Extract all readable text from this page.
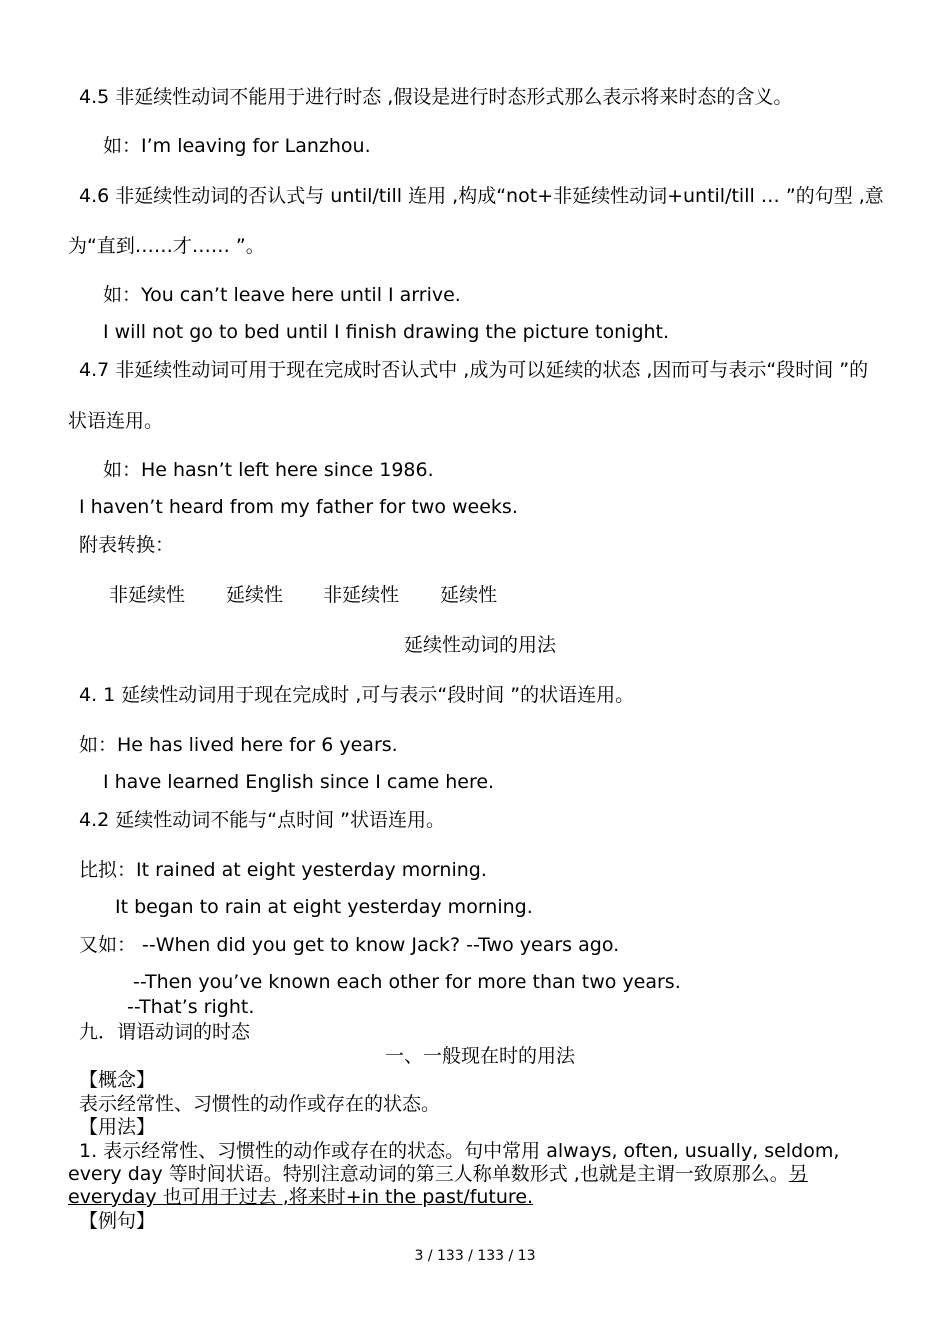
4.5 非延续性动词不能用于进行时态 ,假设是进行时态形式那么表示将来时态的含义。
如：I’m leaving for Lanzhou.
4.6 非延续性动词的否认式与 until/till 连用 ,构成“not+非延续性动词+until/till … ”的句型 ,意
为“直到……才…… ”。
如：You can’t leave here until I arrive.
I will not go to bed until I finish drawing the picture tonight.
4.7 非延续性动词可用于现在完成时否认式中 ,成为可以延续的状态 ,因而可与表示“段时间 ”的
状语连用。
如：He hasn’t left here since 1986.
I haven’t heard from my father for two weeks.
附表转换：
非延续性 延续性 非延续性 延续性
延续性动词的用法
4. 1 延续性动词用于现在完成时 ,可与表示“段时间 ”的状语连用。
如：He has lived here for 6 years.
I have learned English since I came here.
4.2 延续性动词不能与“点时间 ”状语连用。
比拟：It rained at eight yesterday morning.
It began to rain at eight yesterday morning.
又如： --When did you get to know Jack? --Two years ago.
--Then you’ve known each other for more than two years.
--That’s right.
九．谓语动词的时态
一、一般现在时的用法
【概念】
表示经常性、习惯性的动作或存在的状态。
【用法】
1. 表示经常性、习惯性的动作或存在的状态。句中常用 always, often, usually, seldom,
every day 等时间状语。特别注意动词的第三人称单数形式 ,也就是主谓一致原那么。另
everyday 也可用于过去 ,将来时+in the past/future.
【例句】
3 / 133 / 133 / 13
